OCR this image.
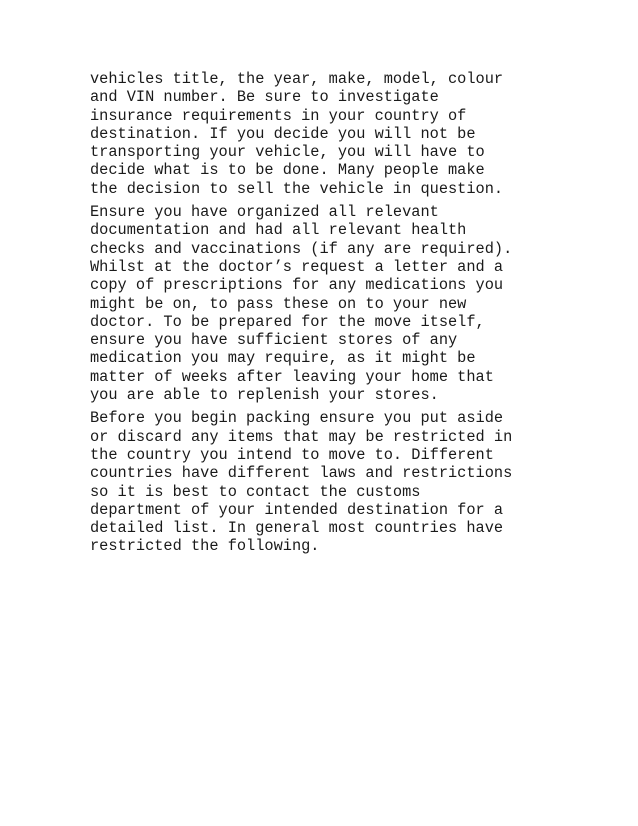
vehicles title, the year, make, model, colour
and VIN number. Be sure to investigate
insurance requirements in your country of
destination. If you decide you will not be
transporting your vehicle, you will have to
decide what is to be done. Many people make
the decision to sell the vehicle in question.

Ensure you have organized all relevant
documentation and had all relevant health
checks and vaccinations (if any are required).
Whilst at the doctor’s request a letter and a
copy of prescriptions for any medications you
might be on, to pass these on to your new
doctor. To be prepared for the move itself,
ensure you have sufficient stores of any
medication you may require, as it might be
matter of weeks after leaving your home that
you are able to replenish your stores.

Before you begin packing ensure you put aside
or discard any items that may be restricted in
the country you intend to move to. Different
countries have different laws and restrictions
so it is best to contact the customs
department of your intended destination for a
detailed list. In general most countries have
restricted the following.
